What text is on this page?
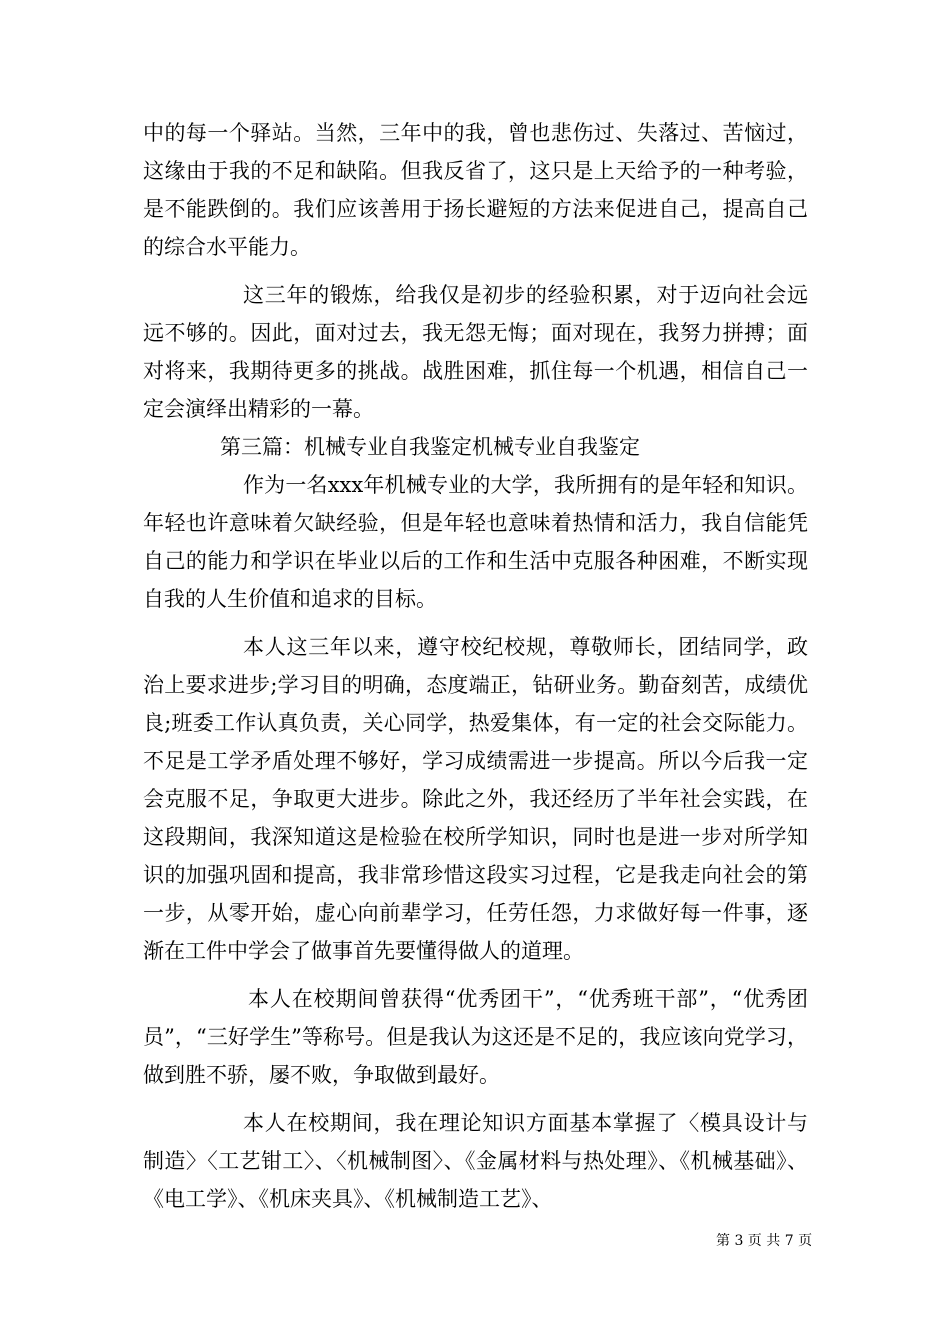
中的每一个驿站。当然，三年中的我，曾也悲伤过、失落过、苦恼过，这缘由于我的不足和缺陷。但我反省了，这只是上天给予的一种考验，是不能跌倒的。我们应该善用于扬长避短的方法来促进自己，提高自己的综合水平能力。

这三年的锻炼，给我仅是初步的经验积累，对于迈向社会远远不够的。因此，面对过去，我无怨无悔；面对现在，我努力拼搏；面对将来，我期待更多的挑战。战胜困难，抓住每一个机遇，相信自己一定会演绎出精彩的一幕。

第三篇：机械专业自我鉴定机械专业自我鉴定

作为一名xxx年机械专业的大学，我所拥有的是年轻和知识。年轻也许意味着欠缺经验，但是年轻也意味着热情和活力，我自信能凭自己的能力和学识在毕业以后的工作和生活中克服各种困难，不断实现自我的人生价值和追求的目标。

本人这三年以来，遵守校纪校规，尊敬师长，团结同学，政治上要求进步;学习目的明确，态度端正，钻研业务。勤奋刻苦，成绩优良;班委工作认真负责，关心同学，热爱集体，有一定的社会交际能力。不足是工学矛盾处理不够好，学习成绩需进一步提高。所以今后我一定会克服不足，争取更大进步。除此之外，我还经历了半年社会实践，在这段期间，我深知道这是检验在校所学知识，同时也是进一步对所学知识的加强巩固和提高，我非常珍惜这段实习过程，它是我走向社会的第一步，从零开始，虚心向前辈学习，任劳任怨，力求做好每一件事，逐渐在工件中学会了做事首先要懂得做人的道理。

本人在校期间曾获得“优秀团干”，“优秀班干部”，“优秀团员”，“三好学生”等称号。但是我认为这还是不足的，我应该向党学习，做到胜不骄，屡不败，争取做到最好。

本人在校期间，我在理论知识方面基本掌握了〈模具设计与制造〉〈工艺钳工〉、〈机械制图〉、《金属材料与热处理》、《机械基础》、《电工学》、《机床夹具》、《机械制造工艺》、

第 3 页 共 7 页
